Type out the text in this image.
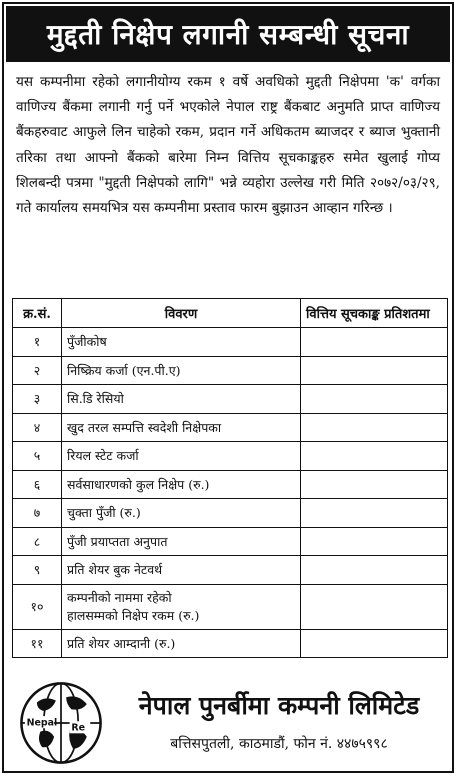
मुद्दती निक्षेप लगानी सम्बन्धी सूचना
यस कम्पनीमा रहेको लगानीयोग्य रकम १ वर्षे अवधिको मुद्दती निक्षेपमा 'क' वर्गका वाणिज्य बैंकमा लगानी गर्नु पर्ने भएकोले नेपाल राष्ट्र बैंकबाट अनुमति प्राप्त वाणिज्य बैंकहरुवाट आफुले लिन चाहेको रकम, प्रदान गर्ने अधिकतम ब्याजदर र ब्याज भुक्तानी तरिका तथा आफ्नो बैंकको बारेमा निम्न वित्तिय सूचकाङ्कहरु समेत खुलाई गोप्य शिलबन्दी पत्रमा "मुद्दती निक्षेपको लागि" भन्ने व्यहोरा उल्लेख गरी मिति २०७२/०३/२९, गते कार्यालय समयभित्र यस कम्पनीमा प्रस्ताव फारम बुझाउन आव्हान गरिन्छ ।
क्र.सं.	विवरण	वित्तिय सूचकाङ्क प्रतिशतमा
१	पुँजीकोष	
२	निष्क्रिय कर्जा (एन.पी.ए)	
३	सि.डि रेसियो	
४	खुद तरल सम्पत्ति स्वदेशी निक्षेपका	
५	रियल स्टेट कर्जा	
६	सर्वसाधारणको कुल निक्षेप (रु.)	
७	चुक्ता पुँजी (रु.)	
८	पुँजी प्रयाप्तता अनुपात	
९	प्रति शेयर बुक नेटवर्थ	
१०	कम्पनीको नाममा रहेको
हालसम्मको निक्षेप रकम (रु.)	

११	प्रति शेयर आम्दानी (रु.)	
Nepal Re
नेपाल पुनर्बीमा कम्पनी लिमिटेड
बत्तिसपुतली, काठमाडौं, फोन नं. ४४७५९९८
